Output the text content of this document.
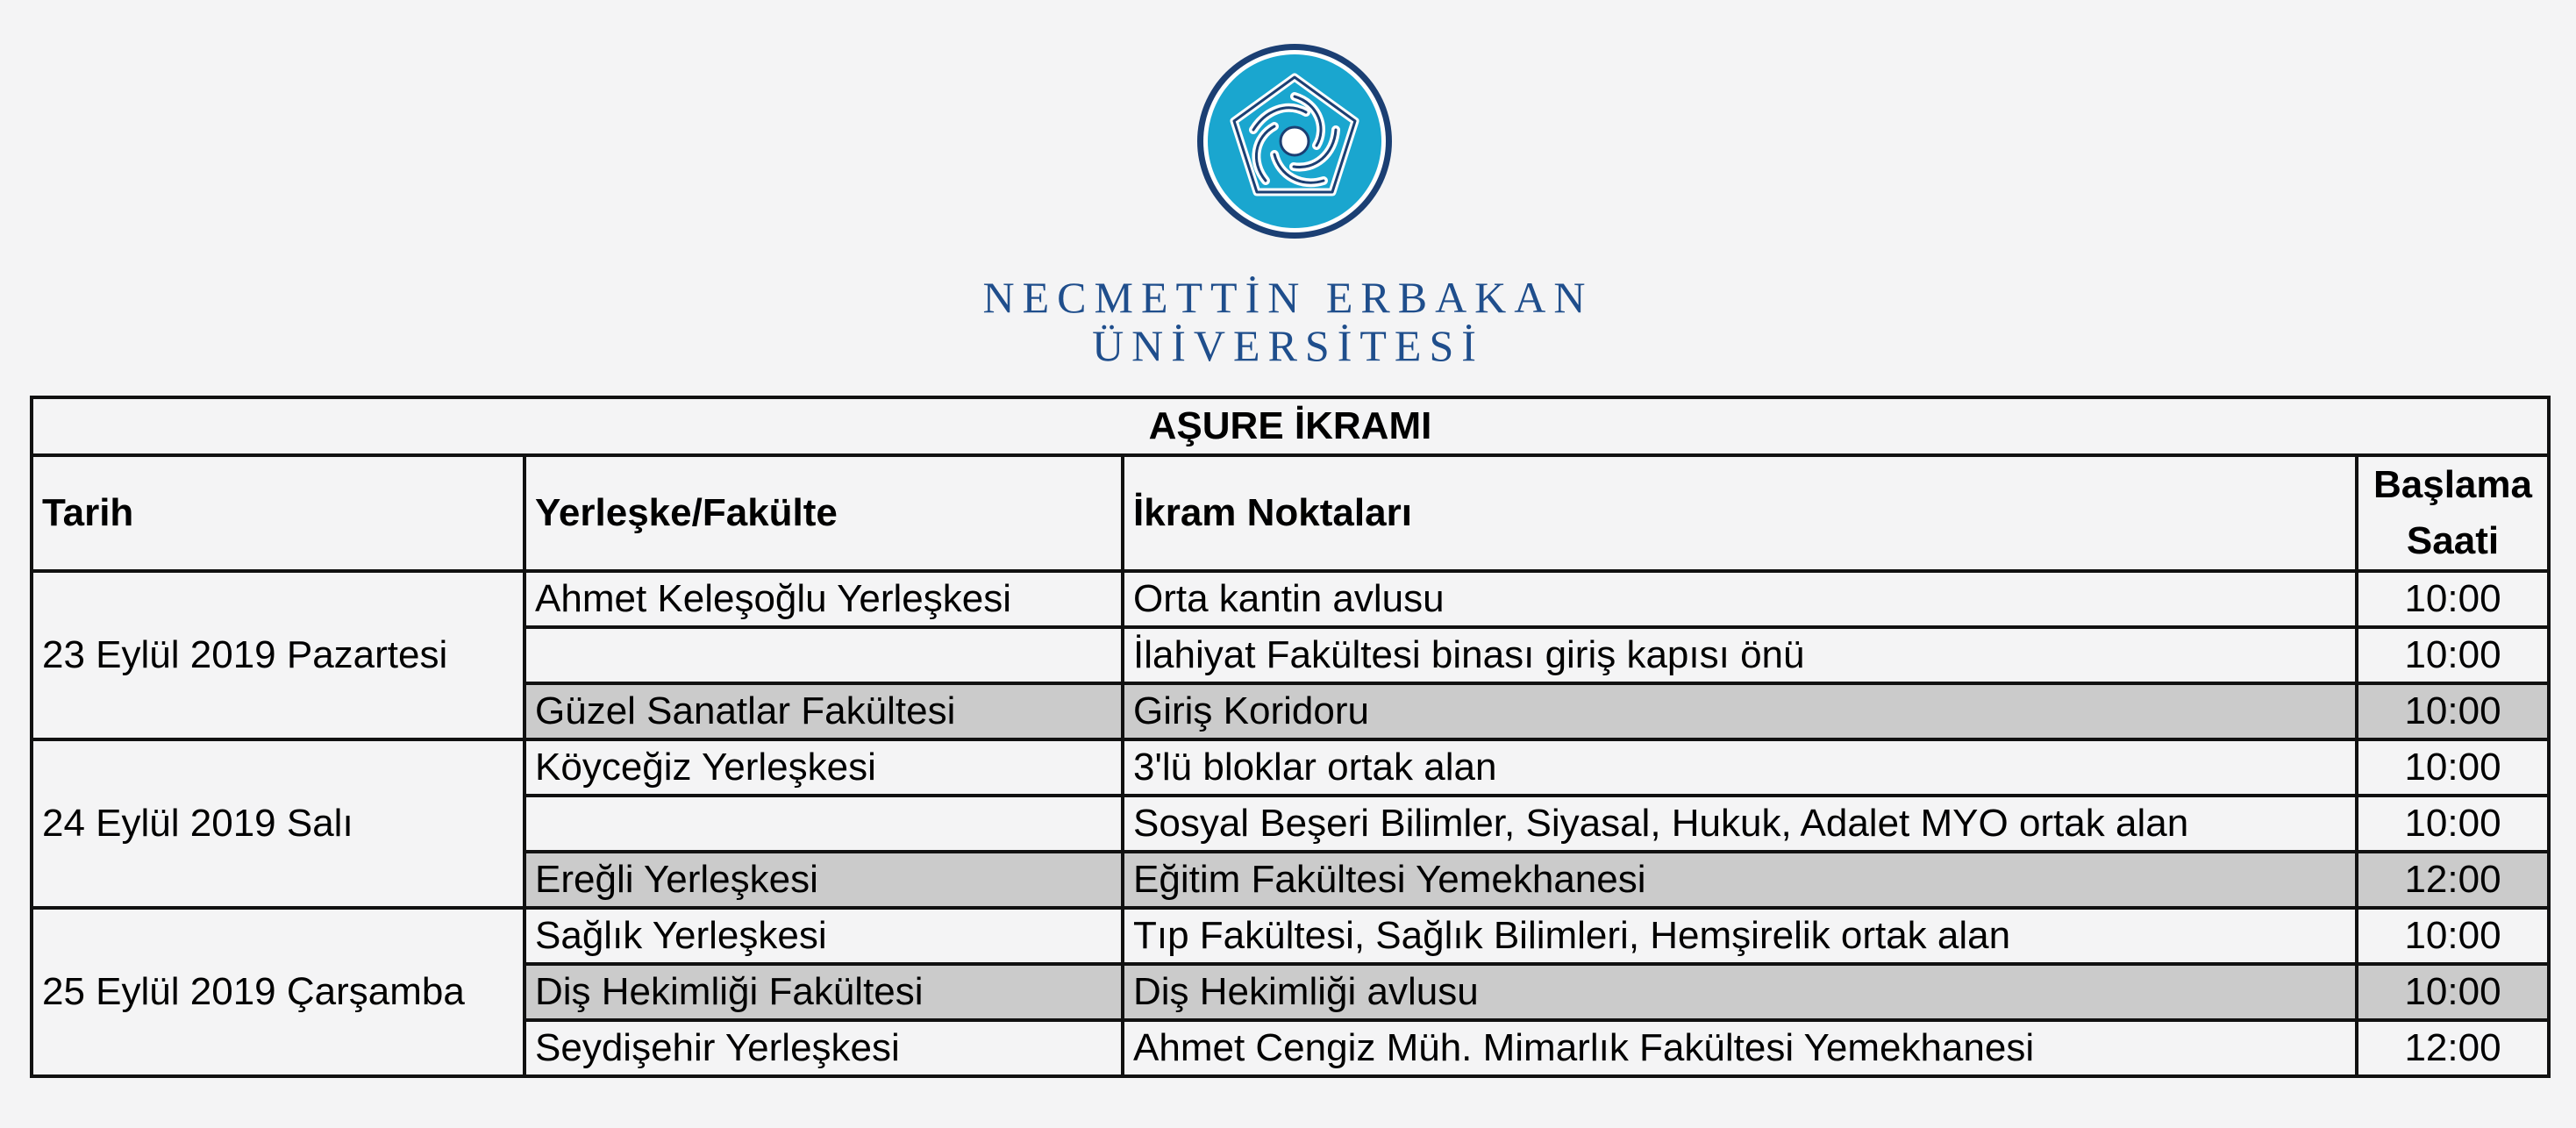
NECMETTİN ERBAKAN
ÜNİVERSİTESİ
AŞURE İKRAMI			
Tarih	Yerleşke/Fakülte	İkram Noktaları	Başlama
Saati
23 Eylül 2019 Pazartesi	Ahmet Keleşoğlu Yerleşkesi	Orta kantin avlusu	10:00
		İlahiyat Fakültesi binası giriş kapısı önü	10:00
	Güzel Sanatlar Fakültesi	Giriş Koridoru	10:00
24 Eylül 2019 Salı	Köyceğiz Yerleşkesi	3'lü bloklar ortak alan	10:00
		Sosyal Beşeri Bilimler, Siyasal, Hukuk, Adalet MYO ortak alan	10:00
	Ereğli Yerleşkesi	Eğitim Fakültesi Yemekhanesi	12:00
25 Eylül 2019 Çarşamba	Sağlık Yerleşkesi	Tıp Fakültesi, Sağlık Bilimleri, Hemşirelik ortak alan	10:00
	Diş Hekimliği Fakültesi	Diş Hekimliği avlusu	10:00
	Seydişehir Yerleşkesi	Ahmet Cengiz Müh. Mimarlık Fakültesi Yemekhanesi	12:00
